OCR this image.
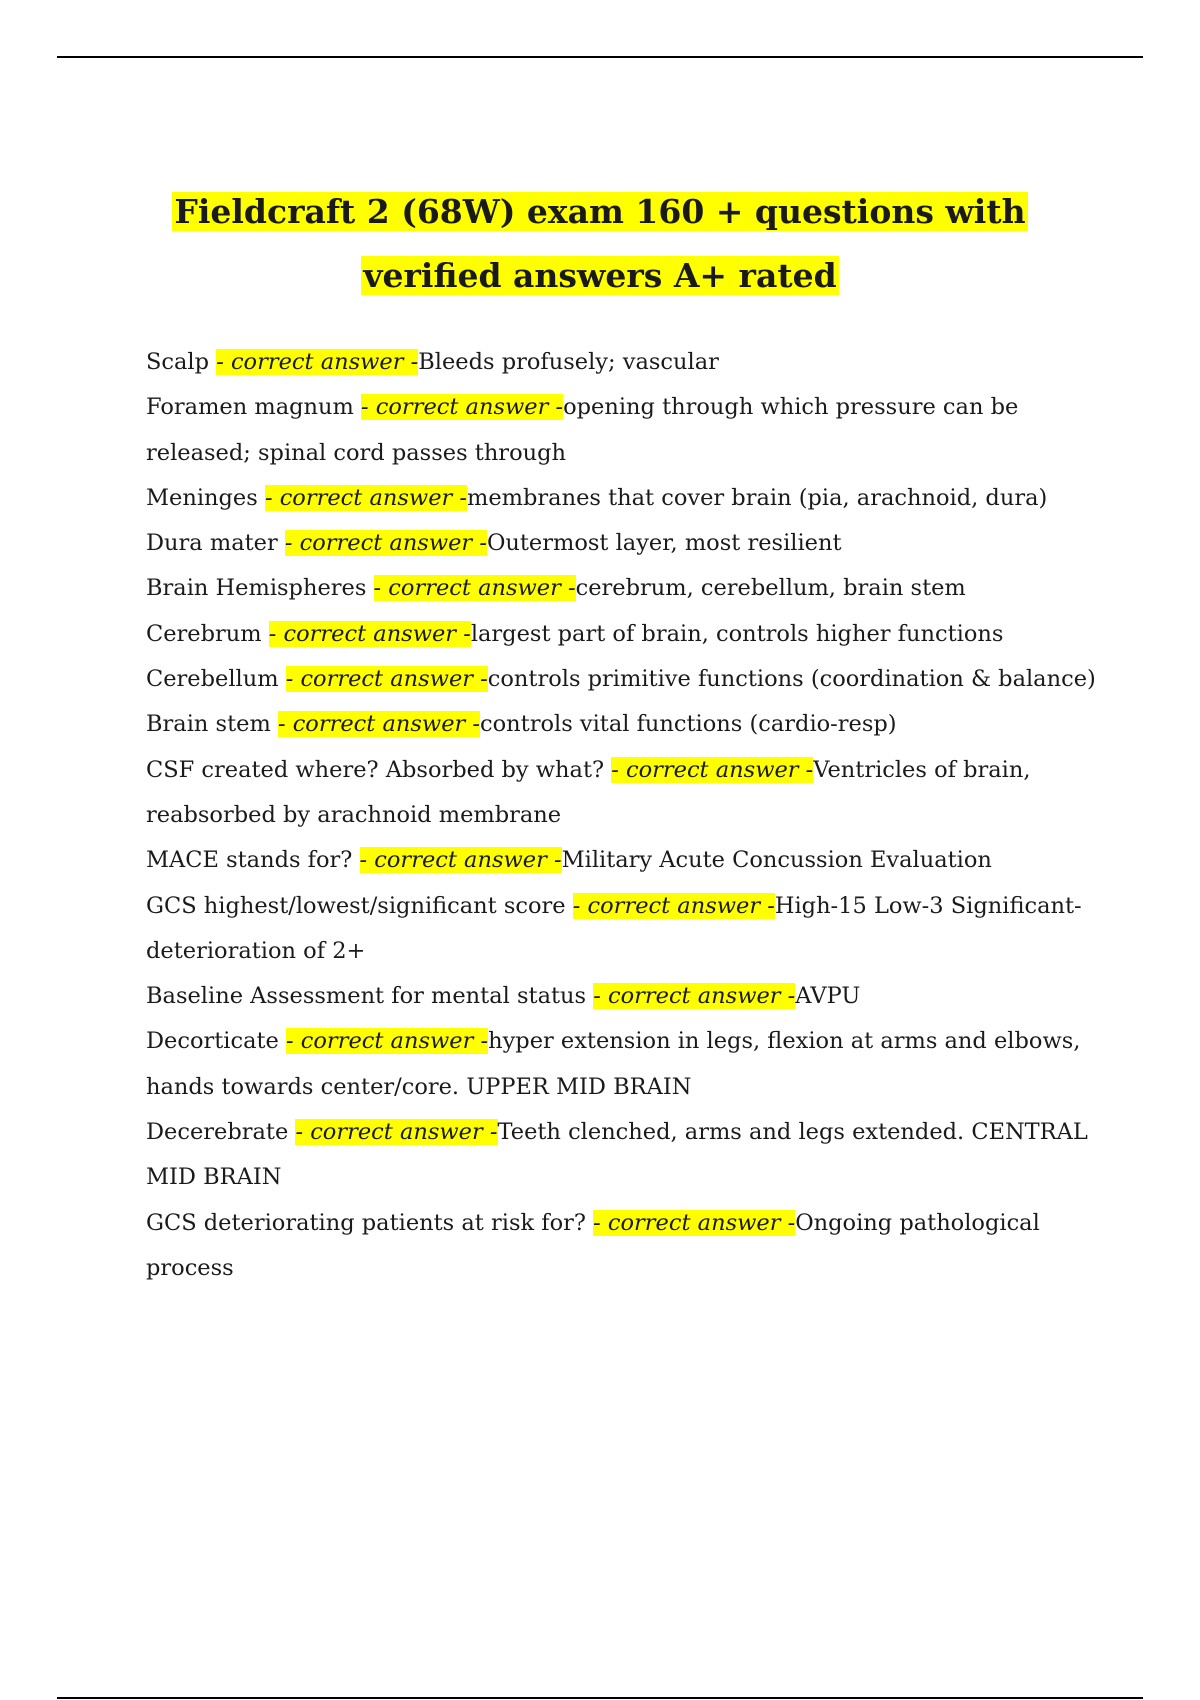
Fieldcraft 2 (68W) exam 160 + questions with
verified answers A+ rated

Scalp - correct answer -Bleeds profusely; vascular

Foramen magnum - correct answer -opening through which pressure can be released; spinal cord passes through

Meninges - correct answer -membranes that cover brain (pia, arachnoid, dura)

Dura mater - correct answer -Outermost layer, most resilient

Brain Hemispheres - correct answer -cerebrum, cerebellum, brain stem

Cerebrum - correct answer -largest part of brain, controls higher functions

Cerebellum - correct answer -controls primitive functions (coordination & balance)

Brain stem - correct answer -controls vital functions (cardio-resp)

CSF created where? Absorbed by what? - correct answer -Ventricles of brain, reabsorbed by arachnoid membrane

MACE stands for? - correct answer -Military Acute Concussion Evaluation

GCS highest/lowest/significant score - correct answer -High-15 Low-3 Significant-deterioration of 2+

Baseline Assessment for mental status - correct answer -AVPU

Decorticate - correct answer -hyper extension in legs, flexion at arms and elbows, hands towards center/core. UPPER MID BRAIN

Decerebrate - correct answer -Teeth clenched, arms and legs extended. CENTRAL MID BRAIN

GCS deteriorating patients at risk for? - correct answer -Ongoing pathological process
